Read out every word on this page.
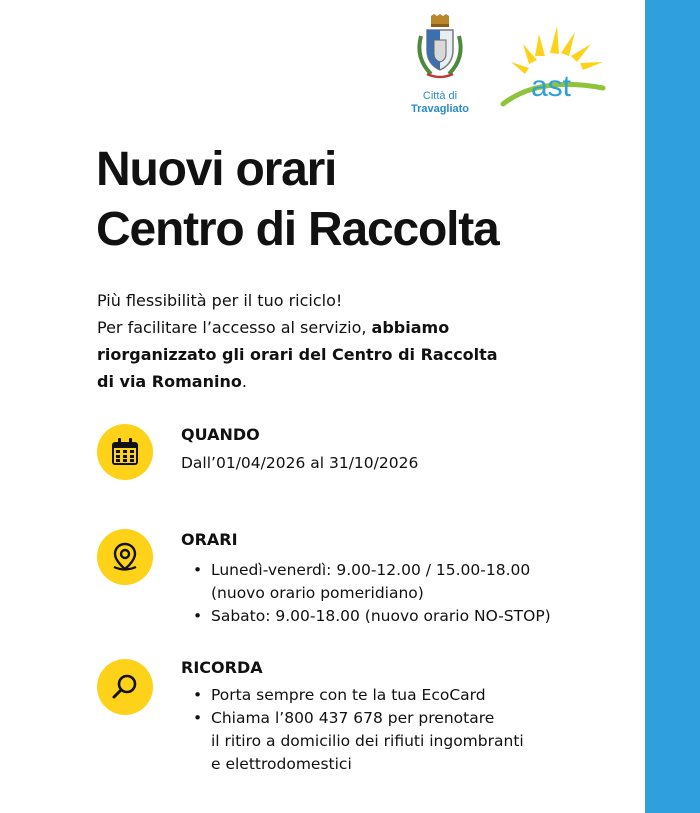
Città di
Travagliato
ast
Nuovi orari
Centro di Raccolta
Più flessibilità per il tuo riciclo!
Per facilitare l’accesso al servizio, abbiamo
riorganizzato gli orari del Centro di Raccolta
di via Romanino.
QUANDO
Dall’01/04/2026 al 31/10/2026
ORARI
• Lunedì-venerdì: 9.00-12.00 / 15.00-18.00
(nuovo orario pomeridiano)
• Sabato: 9.00-18.00 (nuovo orario NO-STOP)
RICORDA
• Porta sempre con te la tua EcoCard
• Chiama l’800 437 678 per prenotare
il ritiro a domicilio dei rifiuti ingombranti
e elettrodomestici
